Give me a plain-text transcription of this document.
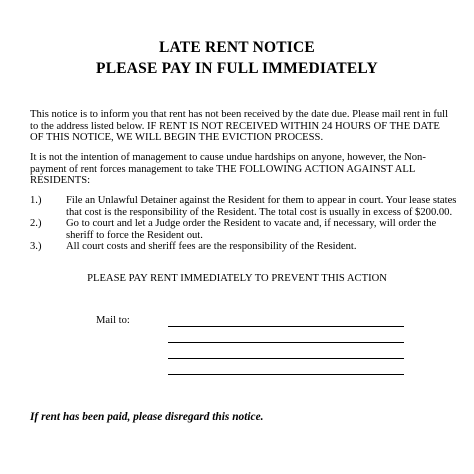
LATE RENT NOTICE
PLEASE PAY IN FULL IMMEDIATELY
This notice is to inform you that rent has not been received by the date due. Please mail rent in full to the address listed below. IF RENT IS NOT RECEIVED WITHIN 24 HOURS OF THE DATE OF THIS NOTICE, WE WILL BEGIN THE EVICTION PROCESS.
It is not the intention of management to cause undue hardships on anyone, however, the Non-payment of rent forces management to take THE FOLLOWING ACTION AGAINST ALL RESIDENTS:
1.) File an Unlawful Detainer against the Resident for them to appear in court. Your lease states that cost is the responsibility of the Resident. The total cost is usually in excess of $200.00.
2.) Go to court and let a Judge order the Resident to vacate and, if necessary, will order the sheriff to force the Resident out.
3.) All court costs and sheriff fees are the responsibility of the Resident.
PLEASE PAY RENT IMMEDIATELY TO PREVENT THIS ACTION
Mail to:
If rent has been paid, please disregard this notice.
